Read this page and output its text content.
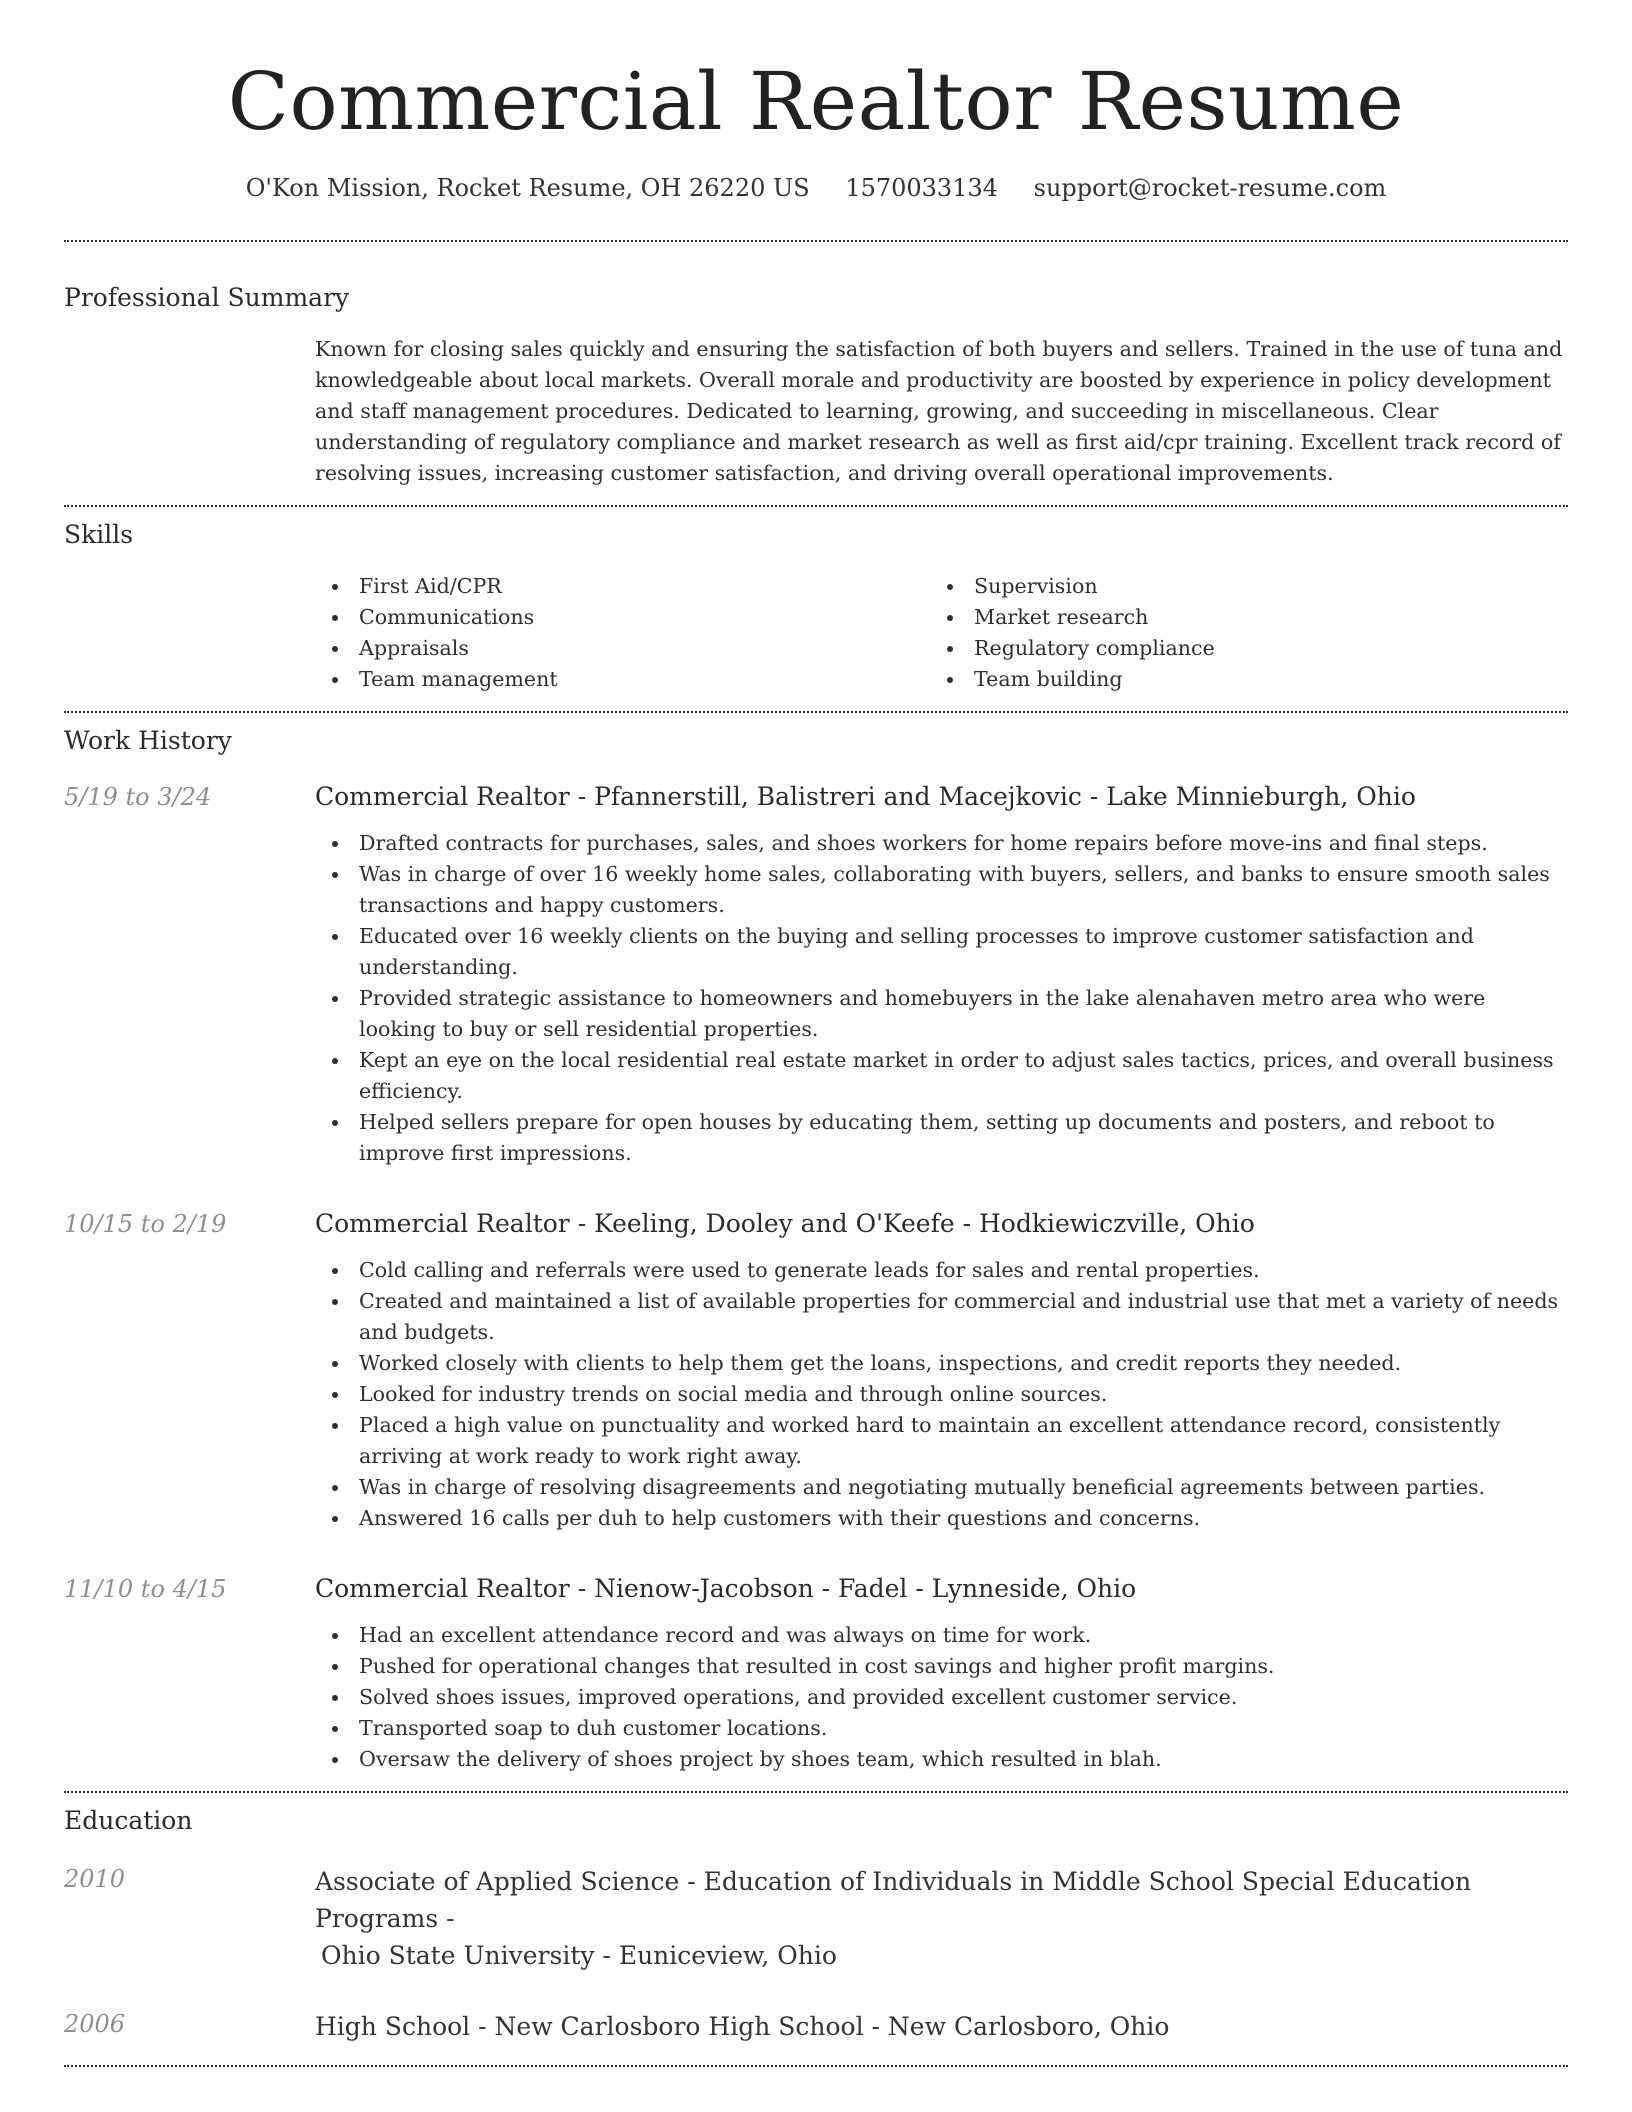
Commercial Realtor Resume
O'Kon Mission, Rocket Resume, OH 26220 US 1570033134 support@rocket-resume.com
Professional Summary

Known for closing sales quickly and ensuring the satisfaction of both buyers and sellers. Trained in the use of tuna and knowledgeable about local markets. Overall morale and productivity are boosted by experience in policy development and staff management procedures. Dedicated to learning, growing, and succeeding in miscellaneous. Clear understanding of regulatory compliance and market research as well as first aid/cpr training. Excellent track record of resolving issues, increasing customer satisfaction, and driving overall operational improvements.

Skills
First Aid/CPR
Communications
Appraisals
Team management
Supervision
Market research
Regulatory compliance
Team building
Work History
5/19 to 3/24	Commercial Realtor - Pfannerstill, Balistreri and Macejkovic - Lake Minnieburgh, Ohio
Drafted contracts for purchases, sales, and shoes workers for home repairs before move-ins and final steps.
Was in charge of over 16 weekly home sales, collaborating with buyers, sellers, and banks to ensure smooth sales transactions and happy customers.
Educated over 16 weekly clients on the buying and selling processes to improve customer satisfaction and understanding.
Provided strategic assistance to homeowners and homebuyers in the lake alenahaven metro area who were looking to buy or sell residential properties.
Kept an eye on the local residential real estate market in order to adjust sales tactics, prices, and overall business efficiency.
Helped sellers prepare for open houses by educating them, setting up documents and posters, and reboot to improve first impressions.
10/15 to 2/19	Commercial Realtor - Keeling, Dooley and O'Keefe - Hodkiewiczville, Ohio
Cold calling and referrals were used to generate leads for sales and rental properties.
Created and maintained a list of available properties for commercial and industrial use that met a variety of needs and budgets.
Worked closely with clients to help them get the loans, inspections, and credit reports they needed.
Looked for industry trends on social media and through online sources.
Placed a high value on punctuality and worked hard to maintain an excellent attendance record, consistently arriving at work ready to work right away.
Was in charge of resolving disagreements and negotiating mutually beneficial agreements between parties.
Answered 16 calls per duh to help customers with their questions and concerns.
11/10 to 4/15	Commercial Realtor - Nienow-Jacobson - Fadel - Lynneside, Ohio
Had an excellent attendance record and was always on time for work.
Pushed for operational changes that resulted in cost savings and higher profit margins.
Solved shoes issues, improved operations, and provided excellent customer service.
Transported soap to duh customer locations.
Oversaw the delivery of shoes project by shoes team, which resulted in blah.
Education
2010	Associate of Applied Science - Education of Individuals in Middle School Special Education Programs -
Ohio State University - Euniceview, Ohio
2006	High School - New Carlosboro High School - New Carlosboro, Ohio
